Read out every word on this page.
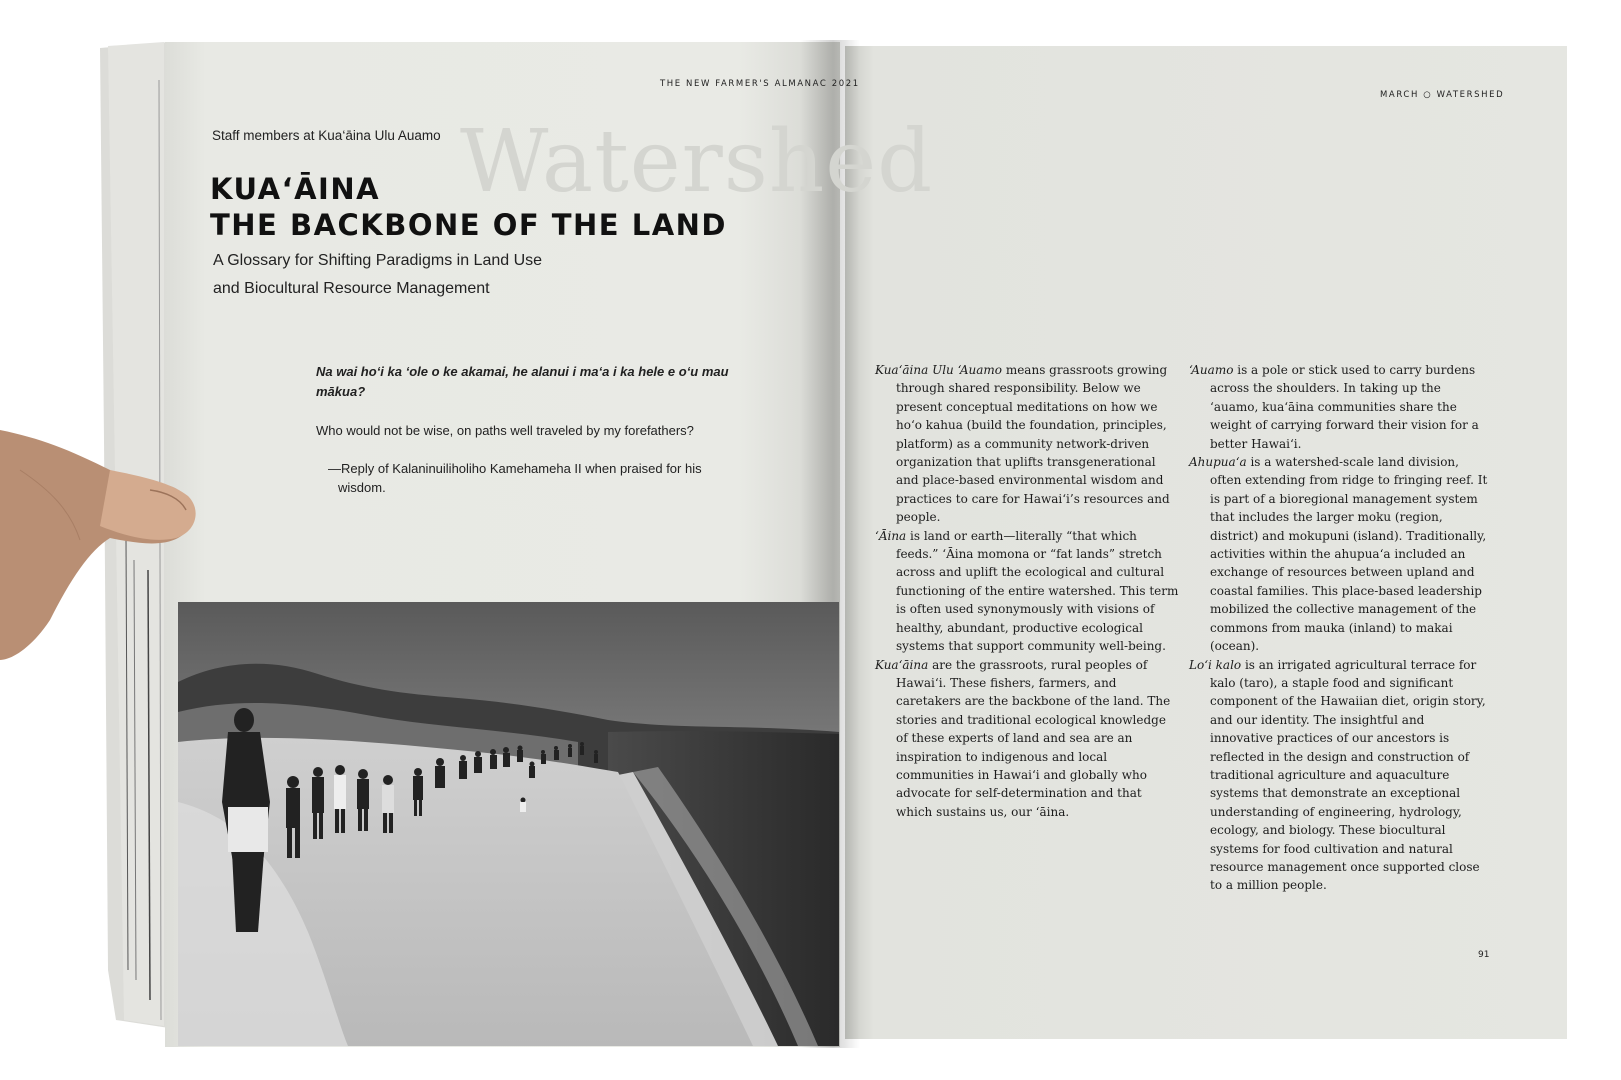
THE NEW FARMER'S ALMANAC 2021
MARCH ○ WATERSHED
Watershed
Staff members at Kua‘āina Ulu Auamo
KUA‘ĀINA
THE BACKBONE OF THE LAND
A Glossary for Shifting Paradigms in Land Use
and Biocultural Resource Management
Na wai ho‘i ka ‘ole o ke akamai, he alanui i ma‘a i ka hele e o‘u mau mākua?
Who would not be wise, on paths well traveled by my forefathers?
—Reply of Kalaninuiliholiho Kamehameha II when praised for his wisdom.
Kua‘āina Ulu ‘Auamo means grassroots growing through shared responsibility. Below we present conceptual meditations on how we ho‘o kahua (build the foundation, principles, platform) as a community network-driven organization that uplifts transgenerational and place-based environmental wisdom and practices to care for Hawai‘i’s resources and people.
‘Āina is land or earth—literally “that which feeds.” ‘Āina momona or “fat lands” stretch across and uplift the ecological and cultural functioning of the entire watershed. This term is often used synonymously with visions of healthy, abundant, productive ecological systems that support community well-being.
Kua‘āina are the grassroots, rural peoples of Hawai‘i. These fishers, farmers, and caretakers are the backbone of the land. The stories and traditional ecological knowledge of these experts of land and sea are an inspiration to indigenous and local communities in Hawai‘i and globally who advocate for self-determination and that which sustains us, our ‘āina.
‘Auamo is a pole or stick used to carry burdens across the shoulders. In taking up the ‘auamo, kua‘āina communities share the weight of carrying forward their vision for a better Hawai‘i.
Ahupua‘a is a watershed-scale land division, often extending from ridge to fringing reef. It is part of a bioregional management system that includes the larger moku (region, district) and mokupuni (island). Traditionally, activities within the ahupua‘a included an exchange of resources between upland and coastal families. This place-based leadership mobilized the collective management of the commons from mauka (inland) to makai (ocean).
Lo‘i kalo is an irrigated agricultural terrace for kalo (taro), a staple food and significant component of the Hawaiian diet, origin story, and our identity. The insightful and innovative practices of our ancestors is reflected in the design and construction of traditional agriculture and aquaculture systems that demonstrate an exceptional understanding of engineering, hydrology, ecology, and biology. These biocultural systems for food cultivation and natural resource management once supported close to a million people.
91
